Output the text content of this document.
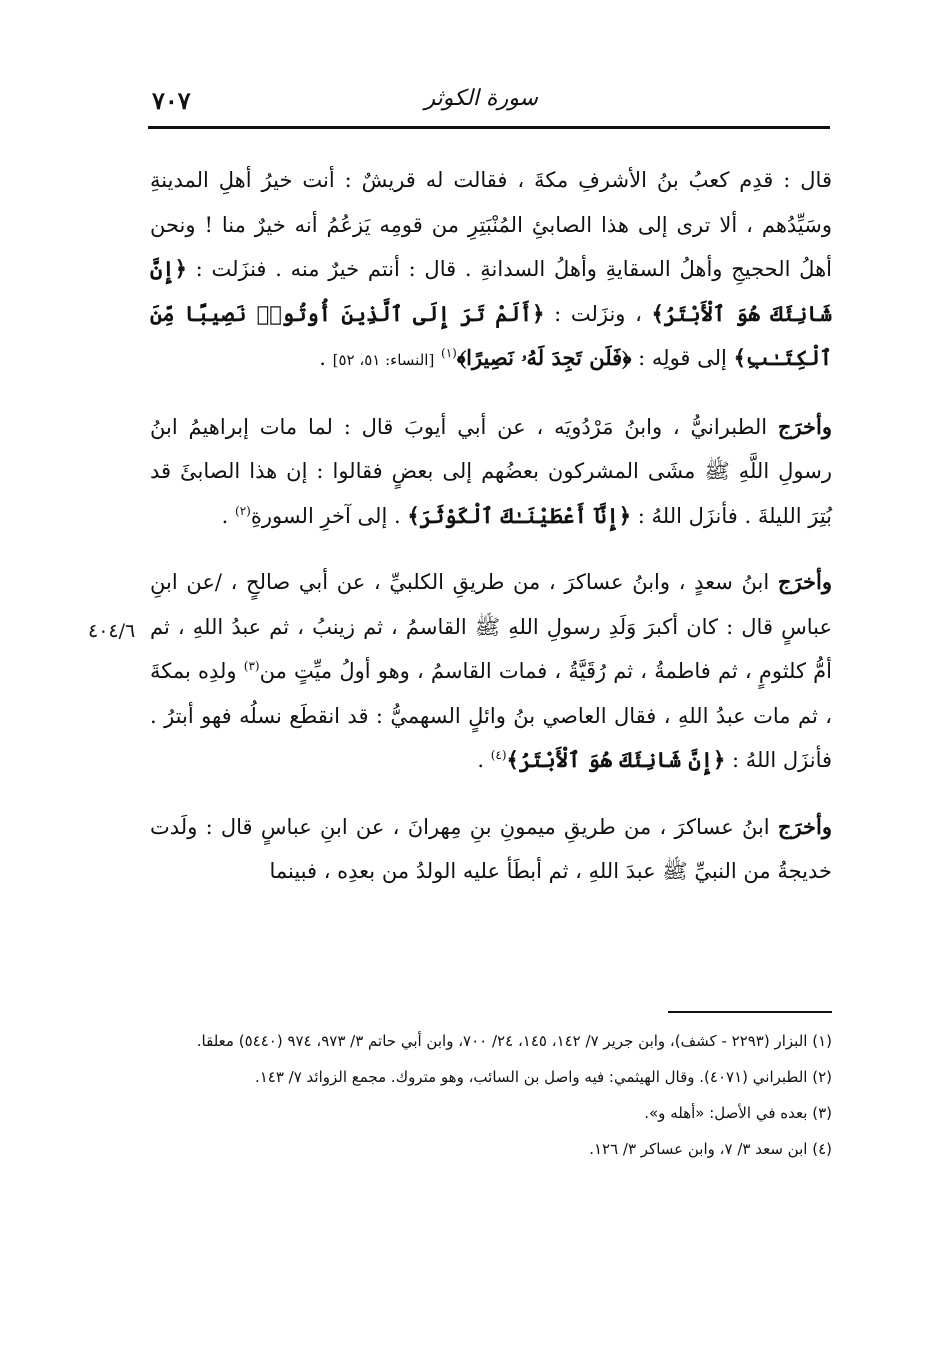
سورة الكوثر
٧٠٧
٤٠٤/٦

قال : قدِم كعبُ بنُ الأشرفِ مكةَ ، فقالت له قريشٌ : أنت خيرُ أهلِ المدينةِ وسَيِّدُهم ، ألا ترى إلى هذا الصابئِ المُنْبَتِرِ من قومِه يَزعُمُ أنه خيرٌ منا ! ونحن أهلُ الحجيجِ وأهلُ السقايةِ وأهلُ السدانةِ . قال : أنتم خيرٌ منه . فنزَلت : ﴿إِنَّ شَانِئَكَ هُوَ ٱلْأَبْتَرُ﴾ ، ونزَلت : ﴿أَلَمْ تَرَ إِلَى ٱلَّذِينَ أُوتُوا۟ نَصِيبًا مِّنَ ٱلْكِتَـٰبِ﴾ إلى قولِه : ﴿فَلَن تَجِدَ لَهُۥ نَصِيرًا﴾$^{(١)}$ [النساء: ٥١، ٥٢] .

وأخرَج الطبرانيُّ ، وابنُ مَرْدُويَه ، عن أبي أيوبَ قال : لما مات إبراهيمُ ابنُ رسولِ اللَّهِ ﷺ مشَى المشركون بعضُهم إلى بعضٍ فقالوا : إن هذا الصابئَ قد بُتِرَ الليلةَ . فأنزَل اللهُ : ﴿إِنَّآ أَعْطَيْنَـٰكَ ٱلْكَوْثَرَ﴾ . إلى آخرِ السورةِ$^{(٢)}$ .

وأخرَج ابنُ سعدٍ ، وابنُ عساكرَ ، من طريقِ الكلبيِّ ، عن أبي صالحٍ ، /عن ابنِ عباسٍ قال : كان أكبرَ وَلَدِ رسولِ اللهِ ﷺ القاسمُ ، ثم زينبُ ، ثم عبدُ اللهِ ، ثم أمُّ كلثومٍ ، ثم فاطمةُ ، ثم رُقَيَّةُ ، فمات القاسمُ ، وهو أولُ ميِّتٍ من$^{(٣)}$ ولدِه بمكةَ ، ثم مات عبدُ اللهِ ، فقال العاصي بنُ وائلٍ السهميُّ : قد انقطَع نسلُه فهو أبترُ . فأنزَل اللهُ : ﴿إِنَّ شَانِئَكَ هُوَ ٱلْأَبْتَرُ﴾$^{(٤)}$ .

وأخرَج ابنُ عساكرَ ، من طريقِ ميمونِ بنِ مِهرانَ ، عن ابنِ عباسٍ قال : ولَدت خديجةُ من النبيِّ ﷺ عبدَ اللهِ ، ثم أبطَأ عليه الولدُ من بعدِه ، فبينما

(١) البزار (٢٢٩٣ - كشف)، وابن جرير ٧/ ١٤٢، ١٤٥، ٢٤/ ٧٠٠، وابن أبي حاتم ٣/ ٩٧٣، ٩٧٤ (٥٤٤٠) معلقا.

(٢) الطبراني (٤٠٧١). وقال الهيثمي: فيه واصل بن السائب، وهو متروك. مجمع الزوائد ٧/ ١٤٣.

(٣) بعده في الأصل: «أهله و».

(٤) ابن سعد ٣/ ٧، وابن عساكر ٣/ ١٢٦.
